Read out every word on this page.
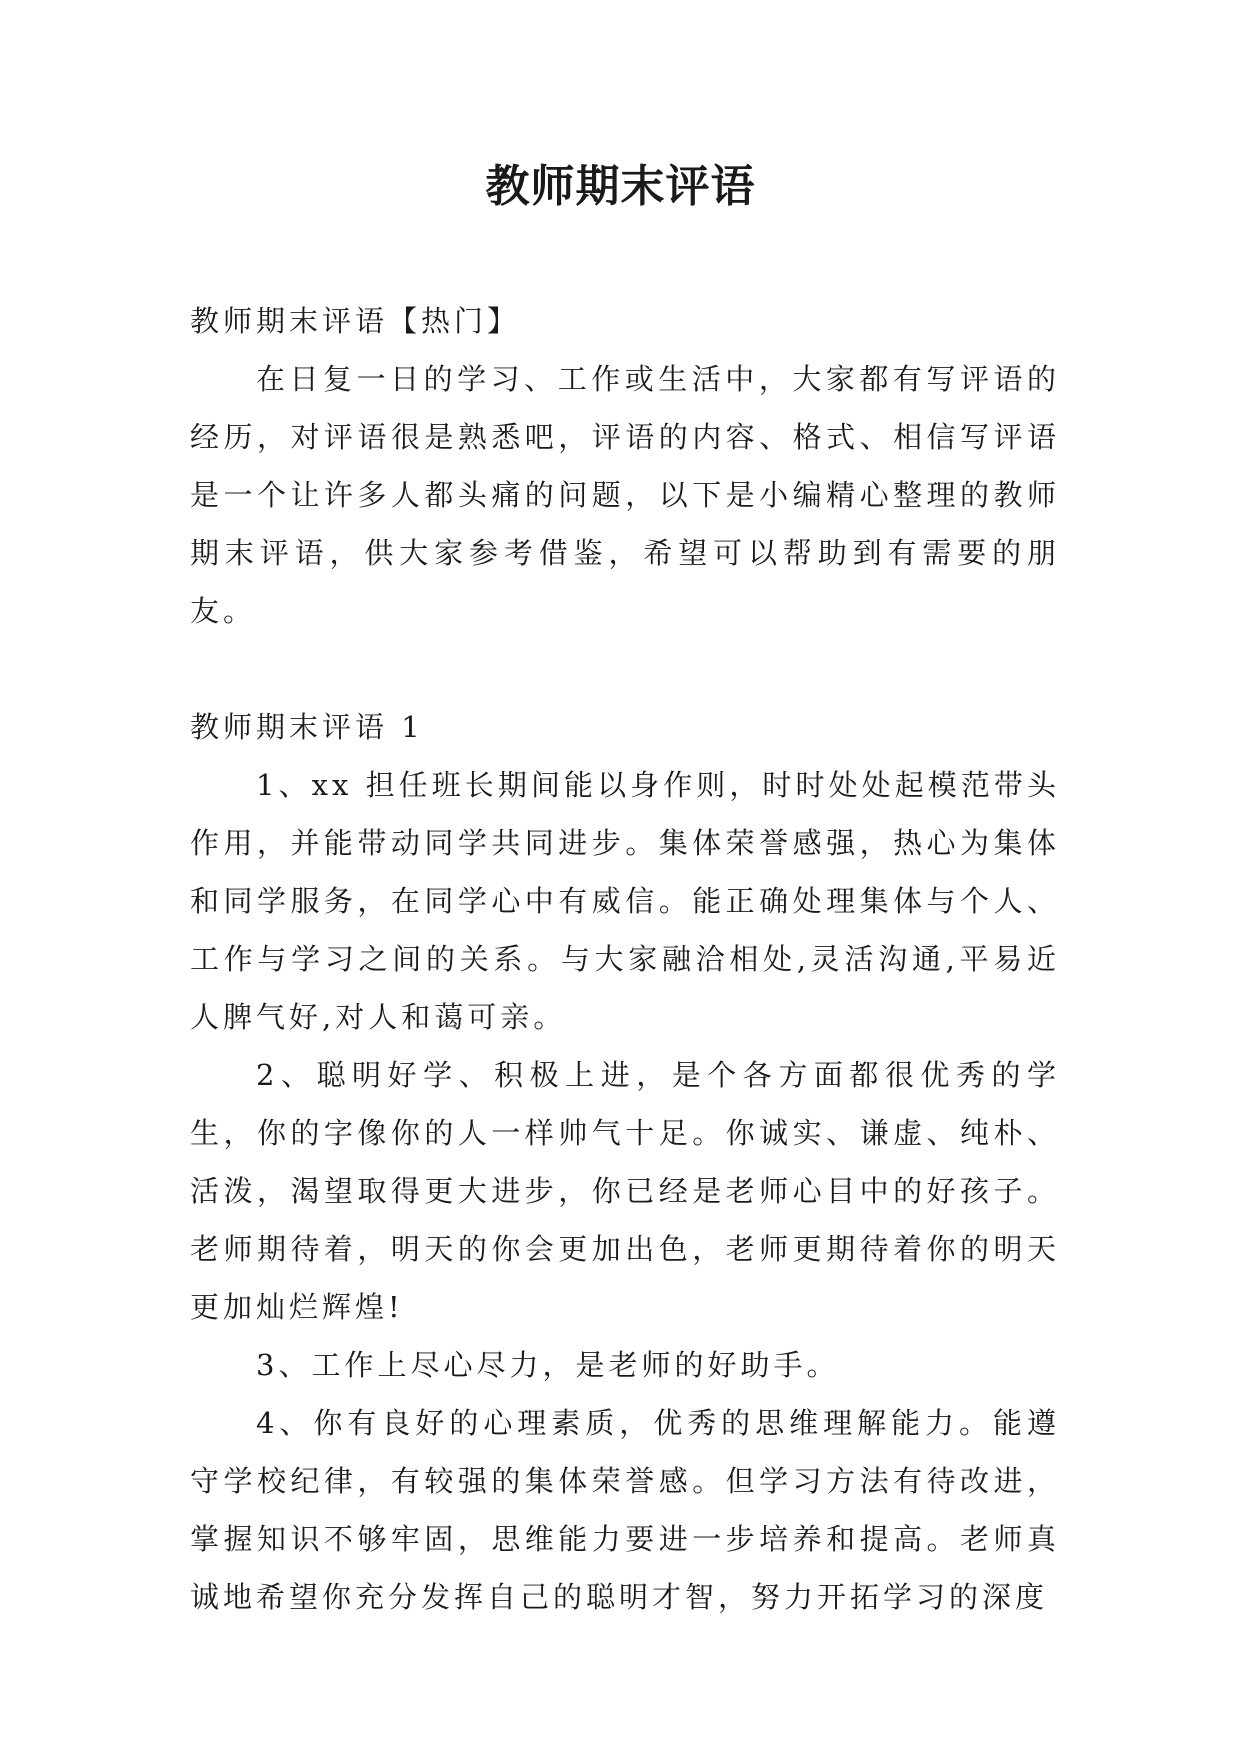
教师期末评语

教师期末评语【热门】

在日复一日的学习、工作或生活中，大家都有写评语的经历，对评语很是熟悉吧，评语的内容、格式、相信写评语是一个让许多人都头痛的问题，以下是小编精心整理的教师期末评语，供大家参考借鉴，希望可以帮助到有需要的朋友。

教师期末评语 1

1、xx 担任班长期间能以身作则，时时处处起模范带头作用，并能带动同学共同进步。集体荣誉感强，热心为集体和同学服务，在同学心中有威信。能正确处理集体与个人、工作与学习之间的关系。与大家融洽相处,灵活沟通,平易近人脾气好,对人和蔼可亲。

2、聪明好学、积极上进，是个各方面都很优秀的学生，你的字像你的人一样帅气十足。你诚实、谦虚、纯朴、活泼，渴望取得更大进步，你已经是老师心目中的好孩子。老师期待着，明天的你会更加出色，老师更期待着你的明天更加灿烂辉煌!

3、工作上尽心尽力，是老师的好助手。

4、你有良好的心理素质，优秀的思维理解能力。能遵守学校纪律，有较强的集体荣誉感。但学习方法有待改进，掌握知识不够牢固，思维能力要进一步培养和提高。老师真诚地希望你充分发挥自己的聪明才智，努力开拓学习的深度
